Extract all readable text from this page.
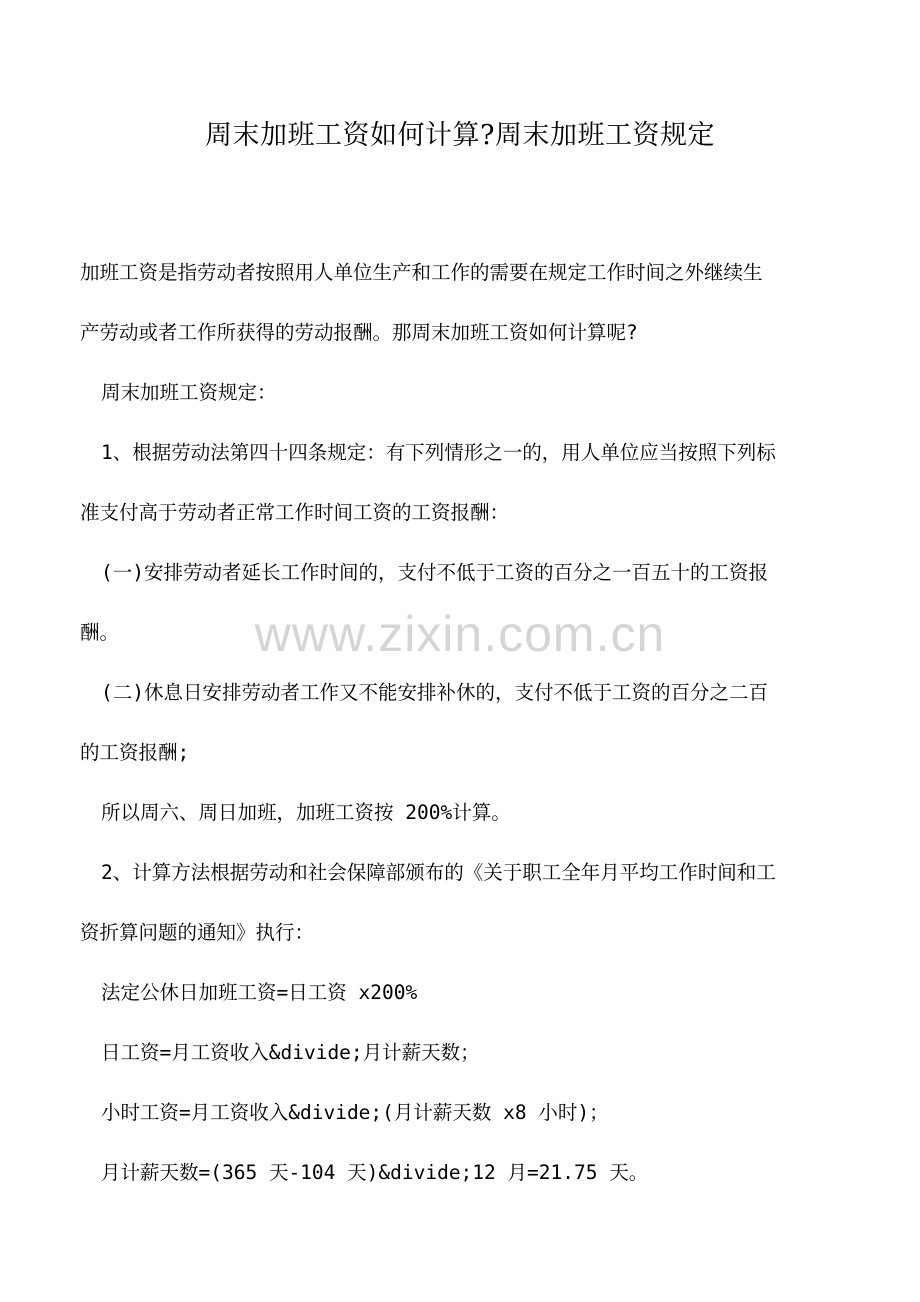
周末加班工资如何计算?周末加班工资规定
加班工资是指劳动者按照用人单位生产和工作的需要在规定工作时间之外继续生
产劳动或者工作所获得的劳动报酬。那周末加班工资如何计算呢?
周末加班工资规定：
1、根据劳动法第四十四条规定：有下列情形之一的，用人单位应当按照下列标
准支付高于劳动者正常工作时间工资的工资报酬：
(一)安排劳动者延长工作时间的，支付不低于工资的百分之一百五十的工资报
酬。
(二)休息日安排劳动者工作又不能安排补休的，支付不低于工资的百分之二百
的工资报酬;
所以周六、周日加班，加班工资按 200%计算。
2、计算方法根据劳动和社会保障部颁布的《关于职工全年月平均工作时间和工
资折算问题的通知》执行：
法定公休日加班工资=日工资 x200%
日工资=月工资收入&divide;月计薪天数；
小时工资=月工资收入&divide;(月计薪天数 x8 小时)；
月计薪天数=(365 天-104 天)&divide;12 月=21.75 天。
www.zixin.com.cn
